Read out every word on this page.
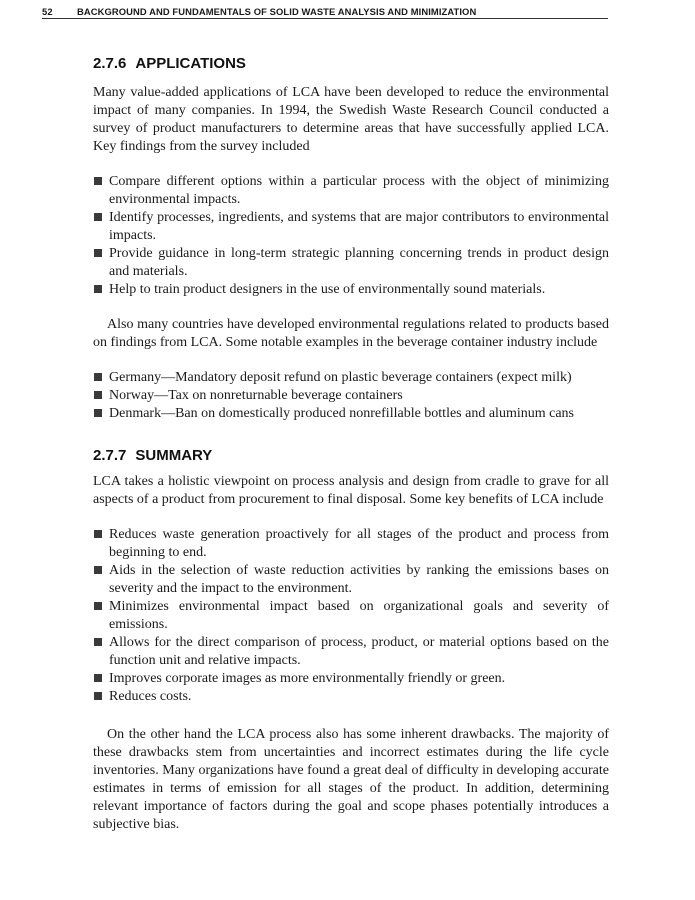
52	BACKGROUND AND FUNDAMENTALS OF SOLID WASTE ANALYSIS AND MINIMIZATION
2.7.6 APPLICATIONS

Many value-added applications of LCA have been developed to reduce the environmental impact of many companies. In 1994, the Swedish Waste Research Council conducted a survey of product manufacturers to determine areas that have successfully applied LCA. Key findings from the survey included

Compare different options within a particular process with the object of minimizing environmental impacts.
Identify processes, ingredients, and systems that are major contributors to environmental impacts.
Provide guidance in long-term strategic planning concerning trends in product design and materials.
Help to train product designers in the use of environmentally sound materials.

Also many countries have developed environmental regulations related to products based on findings from LCA. Some notable examples in the beverage container industry include

Germany—Mandatory deposit refund on plastic beverage containers (expect milk)
Norway—Tax on nonreturnable beverage containers
Denmark—Ban on domestically produced nonrefillable bottles and aluminum cans
2.7.7 SUMMARY

LCA takes a holistic viewpoint on process analysis and design from cradle to grave for all aspects of a product from procurement to final disposal. Some key benefits of LCA include

Reduces waste generation proactively for all stages of the product and process from beginning to end.
Aids in the selection of waste reduction activities by ranking the emissions bases on severity and the impact to the environment.
Minimizes environmental impact based on organizational goals and severity of emissions.
Allows for the direct comparison of process, product, or material options based on the function unit and relative impacts.
Improves corporate images as more environmentally friendly or green.
Reduces costs.

On the other hand the LCA process also has some inherent drawbacks. The majority of these drawbacks stem from uncertainties and incorrect estimates during the life cycle inventories. Many organizations have found a great deal of difficulty in developing accurate estimates in terms of emission for all stages of the product. In addition, determining relevant importance of factors during the goal and scope phases potentially introduces a subjective bias.
